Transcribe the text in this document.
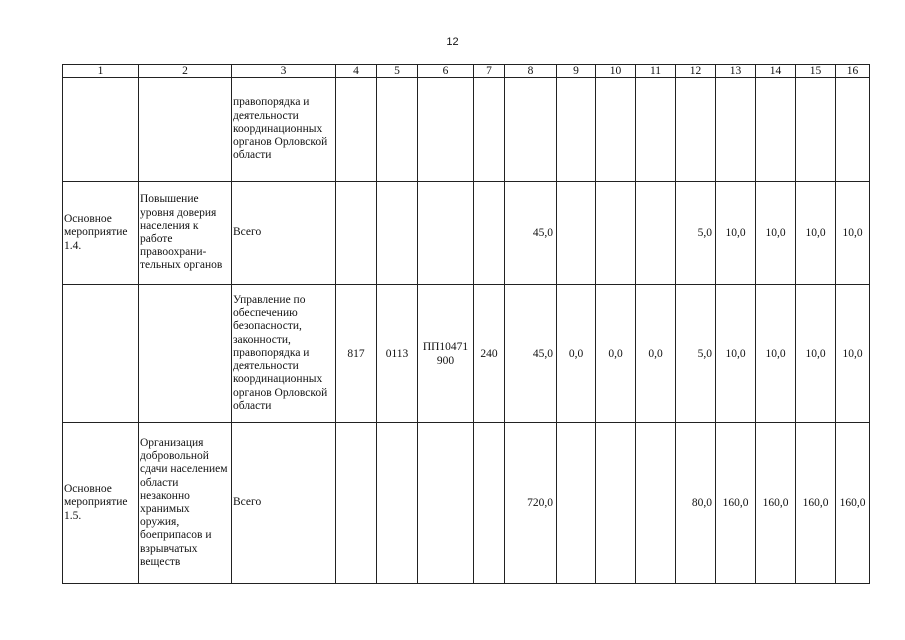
12
1	2	3	4	5	6	7	8	9	10	11	12	13	14	15	16
		правопорядка и деятельности координационных органов Орловской области													
Основное мероприятие 1.4.	Повышение уровня доверия населения к работе правоохрани-тельных органов	Всего					45,0				5,0	10,0	10,0	10,0	10,0
		Управление по обеспечению безопасности, законности, правопорядка и деятельности координационных органов Орловской области	817	0113	ПП10471 900	240	45,0	0,0	0,0	0,0	5,0	10,0	10,0	10,0	10,0
Основное мероприятие 1.5.	Организация добровольной сдачи населением области незаконно хранимых оружия, боеприпасов и взрывчатых веществ	Всего					720,0				80,0	160,0	160,0	160,0	160,0
